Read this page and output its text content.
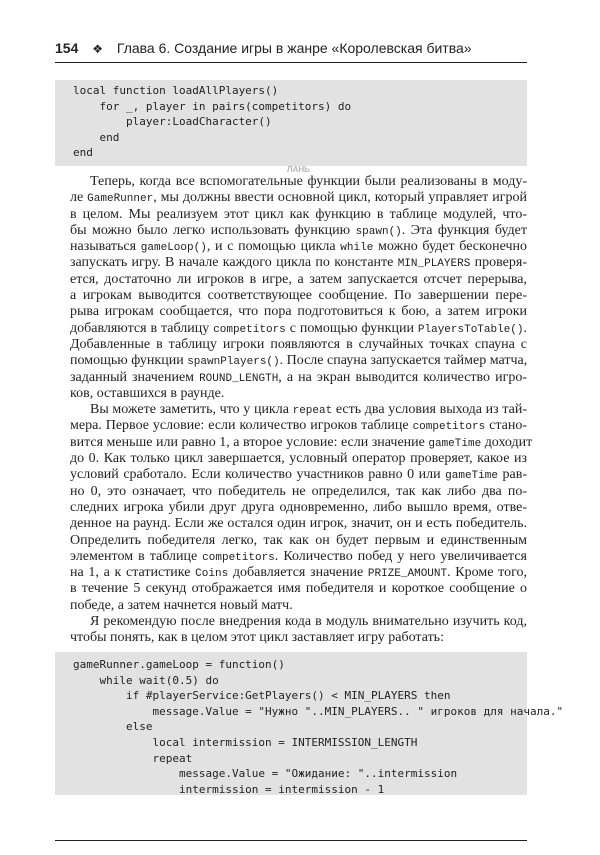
154 ❖ Глава 6. Создание игры в жанре «Королевская битва»
local function loadAllPlayers()
for _, player in pairs(competitors) do
player:LoadCharacter()
end
end
ЛАНЬ
Теперь, когда все вспомогательные функции были реализованы в моду-
ле GameRunner, мы должны ввести основной цикл, который управляет игрой
в целом. Мы реализуем этот цикл как функцию в таблице модулей, что-
бы можно было легко использовать функцию spawn(). Эта функция будет
называться gameLoop(), и с помощью цикла while можно будет бесконечно
запускать игру. В начале каждого цикла по константе MIN_PLAYERS проверя-
ется, достаточно ли игроков в игре, а затем запускается отсчет перерыва,
а игрокам выводится соответствующее сообщение. По завершении пере-
рыва игрокам сообщается, что пора подготовиться к бою, а затем игроки
добавляются в таблицу competitors с помощью функции PlayersToTable().
Добавленные в таблицу игроки появляются в случайных точках спауна с
помощью функции spawnPlayers(). После спауна запускается таймер матча,
заданный значением ROUND_LENGTH, а на экран выводится количество игро-
ков, оставшихся в раунде.
Вы можете заметить, что у цикла repeat есть два условия выхода из тай-
мера. Первое условие: если количество игроков таблице competitors стано-
вится меньше или равно 1, а второе условие: если значение gameTime доходит
до 0. Как только цикл завершается, условный оператор проверяет, какое из
условий сработало. Если количество участников равно 0 или gameTime рав-
но 0, это означает, что победитель не определился, так как либо два по-
следних игрока убили друг друга одновременно, либо вышло время, отве-
денное на раунд. Если же остался один игрок, значит, он и есть победитель.
Определить победителя легко, так как он будет первым и единственным
элементом в таблице competitors. Количество побед у него увеличивается
на 1, а к статистике Coins добавляется значение PRIZE_AMOUNT. Кроме того,
в течение 5 секунд отображается имя победителя и короткое сообщение о
победе, а затем начнется новый матч.
Я рекомендую после внедрения кода в модуль внимательно изучить код,
чтобы понять, как в целом этот цикл заставляет игру работать:
gameRunner.gameLoop = function()
while wait(0.5) do
if #playerService:GetPlayers() < MIN_PLAYERS then
message.Value = "Нужно "..MIN_PLAYERS.. " игроков для начала."
else
local intermission = INTERMISSION_LENGTH
repeat
message.Value = "Ожидание: "..intermission
intermission = intermission - 1
